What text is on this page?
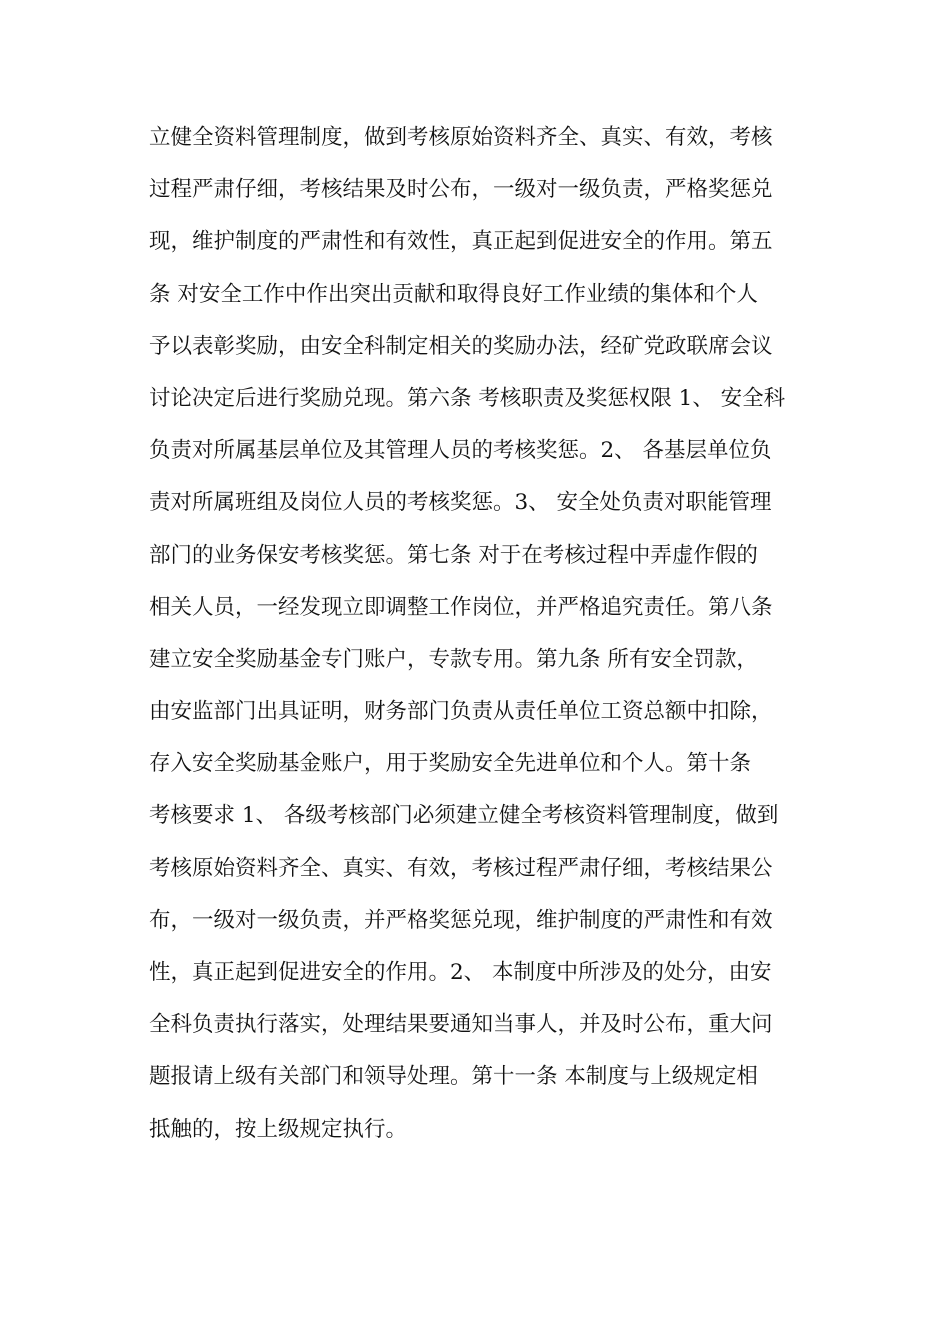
立健全资料管理制度，做到考核原始资料齐全、真实、有效，考核
过程严肃仔细，考核结果及时公布，一级对一级负责，严格奖惩兑
现，维护制度的严肃性和有效性，真正起到促进安全的作用。第五
条 对安全工作中作出突出贡献和取得良好工作业绩的集体和个人
予以表彰奖励，由安全科制定相关的奖励办法，经矿党政联席会议
讨论决定后进行奖励兑现。第六条 考核职责及奖惩权限 1、 安全科
负责对所属基层单位及其管理人员的考核奖惩。2、 各基层单位负
责对所属班组及岗位人员的考核奖惩。3、 安全处负责对职能管理
部门的业务保安考核奖惩。第七条 对于在考核过程中弄虚作假的
相关人员，一经发现立即调整工作岗位，并严格追究责任。第八条
建立安全奖励基金专门账户，专款专用。第九条 所有安全罚款，
由安监部门出具证明，财务部门负责从责任单位工资总额中扣除，
存入安全奖励基金账户，用于奖励安全先进单位和个人。第十条
考核要求 1、 各级考核部门必须建立健全考核资料管理制度，做到
考核原始资料齐全、真实、有效，考核过程严肃仔细，考核结果公
布，一级对一级负责，并严格奖惩兑现，维护制度的严肃性和有效
性，真正起到促进安全的作用。2、 本制度中所涉及的处分，由安
全科负责执行落实，处理结果要通知当事人，并及时公布，重大问
题报请上级有关部门和领导处理。第十一条 本制度与上级规定相
抵触的，按上级规定执行。
